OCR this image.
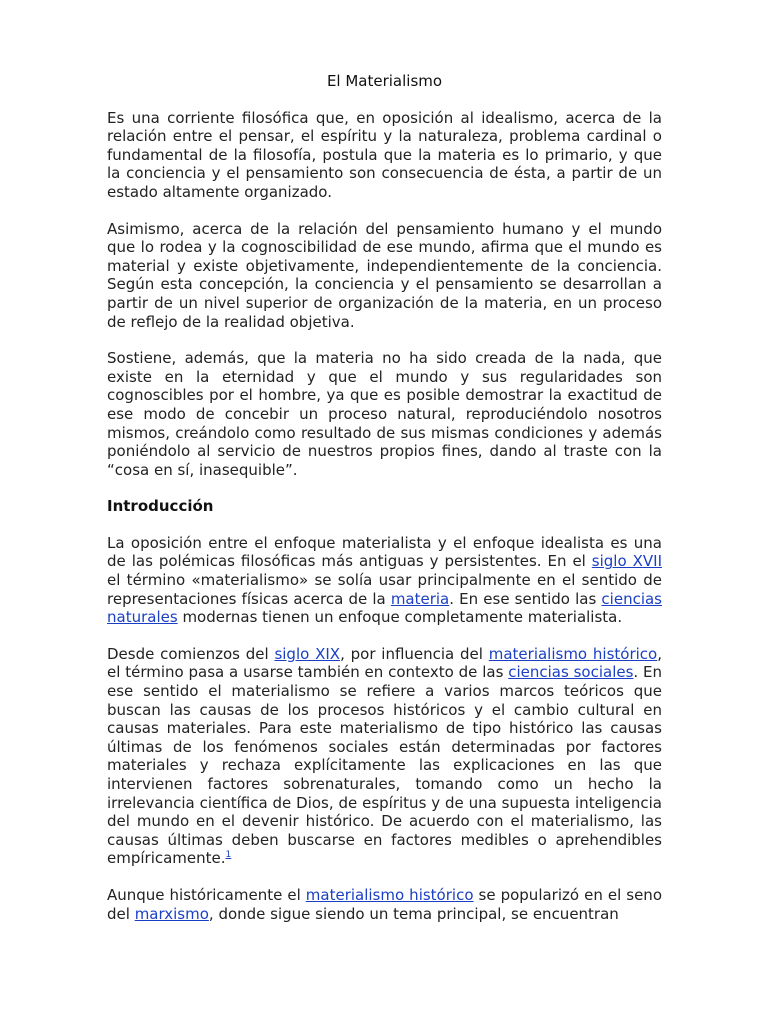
El Materialismo

Es una corriente filosófica que, en oposición al idealismo, acerca de la relación entre el pensar, el espíritu y la naturaleza, problema cardinal o fundamental de la filosofía, postula que la materia es lo primario, y que la conciencia y el pensamiento son consecuencia de ésta, a partir de un estado altamente organizado.

Asimismo, acerca de la relación del pensamiento humano y el mundo que lo rodea y la cognoscibilidad de ese mundo, afirma que el mundo es material y existe objetivamente, independientemente de la conciencia. Según esta concepción, la conciencia y el pensamiento se desarrollan a partir de un nivel superior de organización de la materia, en un proceso de reflejo de la realidad objetiva.

Sostiene, además, que la materia no ha sido creada de la nada, que existe en la eternidad y que el mundo y sus regularidades son cognoscibles por el hombre, ya que es posible demostrar la exactitud de ese modo de concebir un proceso natural, reproduciéndolo nosotros mismos, creándolo como resultado de sus mismas condiciones y además poniéndolo al servicio de nuestros propios fines, dando al traste con la “cosa en sí, inasequible”.

Introducción

La oposición entre el enfoque materialista y el enfoque idealista es una de las polémicas filosóficas más antiguas y persistentes. En el siglo XVII el término «materialismo» se solía usar principalmente en el sentido de representaciones físicas acerca de la materia. En ese sentido las ciencias naturales modernas tienen un enfoque completamente materialista.

Desde comienzos del siglo XIX, por influencia del materialismo histórico, el término pasa a usarse también en contexto de las ciencias sociales. En ese sentido el materialismo se refiere a varios marcos teóricos que buscan las causas de los procesos históricos y el cambio cultural en causas materiales. Para este materialismo de tipo histórico las causas últimas de los fenómenos sociales están determinadas por factores materiales y rechaza explícitamente las explicaciones en las que intervienen factores sobrenaturales, tomando como un hecho la irrelevancia científica de Dios, de espíritus y de una supuesta inteligencia del mundo en el devenir histórico. De acuerdo con el materialismo, las causas últimas deben buscarse en factores medibles o aprehendibles empíricamente.$^1$

Aunque históricamente el materialismo histórico se popularizó en el seno del marxismo, donde sigue siendo un tema principal, se encuentran
